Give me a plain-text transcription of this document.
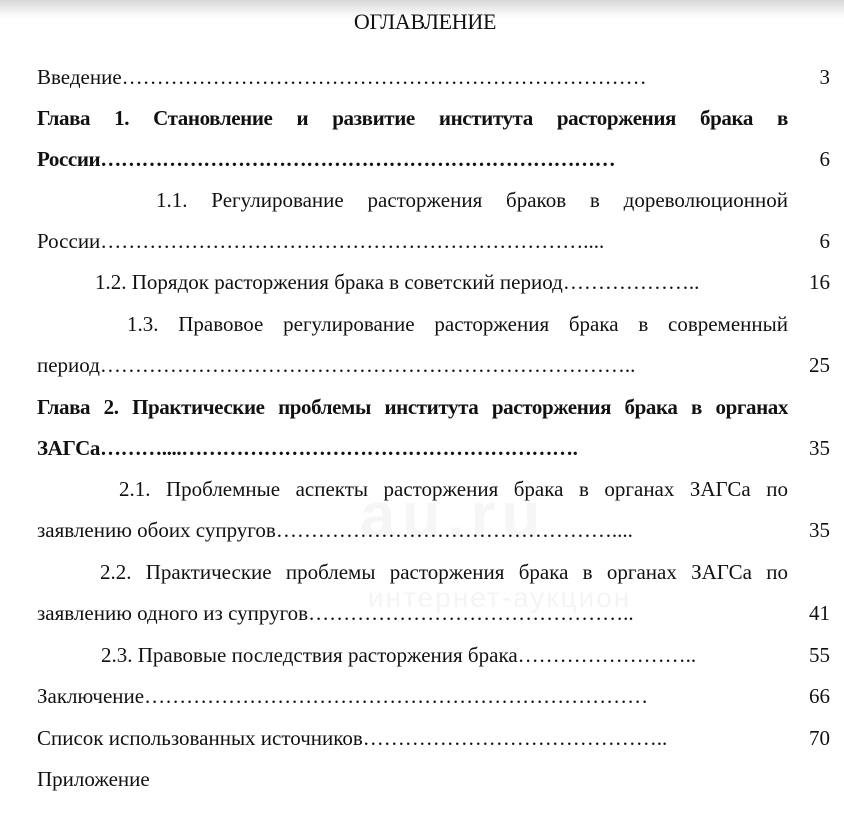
ОГЛАВЛЕНИЕ
Введение…………………………………………………………………	3
Глава 1. Становление и развитие института расторжения брака в
России…………………………………………………………………	6
1.1. Регулирование расторжения браков в дореволюционной
России……………………………………………………………....	6
1.2. Порядок расторжения брака в советский период………………..	16
1.3. Правовое регулирование расторжения брака в современный
период…………………………………………………………………..	25
Глава 2. Практические проблемы института расторжения брака в органах
ЗАГСа………....………………………………………………….	35
2.1. Проблемные аспекты расторжения брака в органах ЗАГСа по
заявлению обоих супругов…………………………………………....	35
2.2. Практические проблемы расторжения брака в органах ЗАГСа по
заявлению одного из супругов………………………………………..	41
2.3. Правовые последствия расторжения брака……………………..	55
Заключение………………………………………………………………	66
Список использованных источников……………………………………..	70
Приложение
